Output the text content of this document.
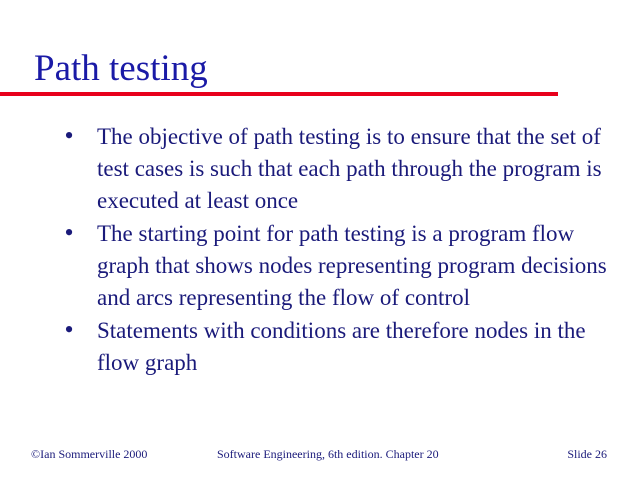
Path testing
• The objective of path testing is to ensure that the set of test cases is such that each path through the program is executed at least once
• The starting point for path testing is a program flow graph that shows nodes representing program decisions and arcs representing the flow of control
• Statements with conditions are therefore nodes in the flow graph
©Ian Sommerville 2000	Software Engineering, 6th edition. Chapter 20	Slide 26
